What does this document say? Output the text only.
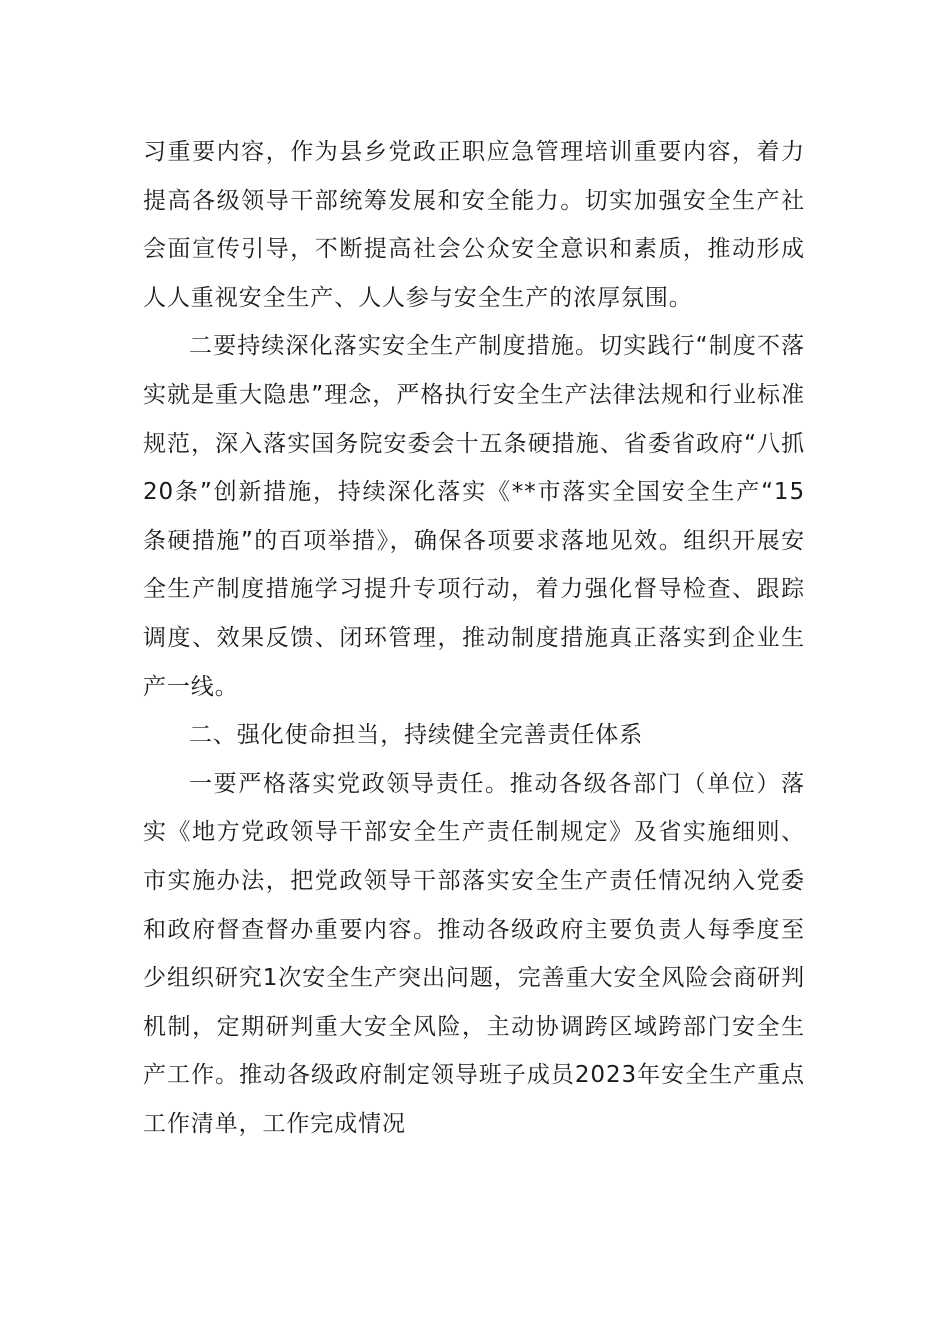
习重要内容，作为县乡党政正职应急管理培训重要内容，着力提高各级领导干部统筹发展和安全能力。切实加强安全生产社会面宣传引导，不断提高社会公众安全意识和素质，推动形成人人重视安全生产、人人参与安全生产的浓厚氛围。

二要持续深化落实安全生产制度措施。切实践行“制度不落实就是重大隐患”理念，严格执行安全生产法律法规和行业标准规范，深入落实国务院安委会十五条硬措施、省委省政府“八抓20条”创新措施，持续深化落实《**市落实全国安全生产“15条硬措施”的百项举措》，确保各项要求落地见效。组织开展安全生产制度措施学习提升专项行动，着力强化督导检查、跟踪调度、效果反馈、闭环管理，推动制度措施真正落实到企业生产一线。

二、强化使命担当，持续健全完善责任体系

一要严格落实党政领导责任。推动各级各部门（单位）落实《地方党政领导干部安全生产责任制规定》及省实施细则、市实施办法，把党政领导干部落实安全生产责任情况纳入党委和政府督查督办重要内容。推动各级政府主要负责人每季度至少组织研究1次安全生产突出问题，完善重大安全风险会商研判机制，定期研判重大安全风险，主动协调跨区域跨部门安全生产工作。推动各级政府制定领导班子成员2023年安全生产重点工作清单，工作完成情况
